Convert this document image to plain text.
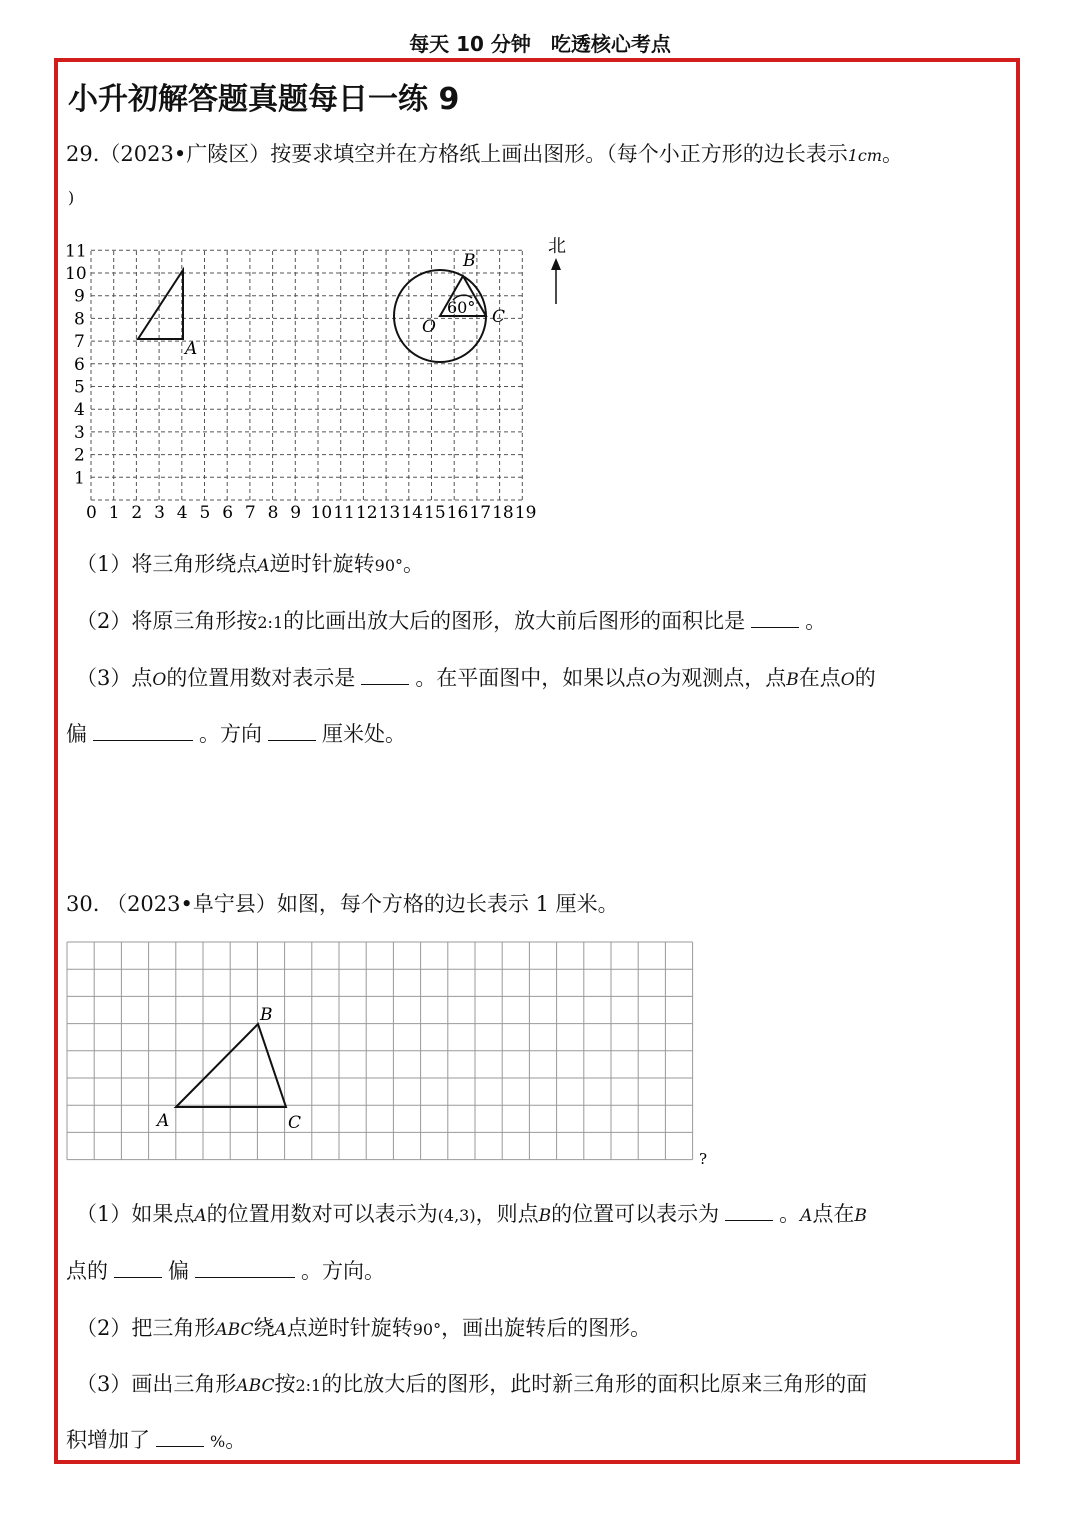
每天 10 分钟　吃透核心考点
小升初解答题真题每日一练 9
29.（2023•广陵区）按要求填空并在方格纸上画出图形。（每个小正方形的边长表示1cm。
)
0 1 2 3 4 5 6 7 8 9 10 11 12 13 14 15 16 17 18 19
1
2
3
4
5
6
7
8
9
10
11
A
60°
B
C
O
北
（1）将三角形绕点A逆时针旋转90°。
（2）将原三角形按2:1的比画出放大后的图形，放大前后图形的面积比是	。
（3）点O的位置用数对表示是	。在平面图中，如果以点O为观测点，点B在点O的
偏	。方向	厘米处。
30. （2023•阜宁县）如图，每个方格的边长表示 1 厘米。
A
B
C
?
（1）如果点A的位置用数对可以表示为(4,3)，则点B的位置可以表示为	。A点在B
点的	偏	。方向。
（2）把三角形ABC绕A点逆时针旋转90°，画出旋转后的图形。
（3）画出三角形ABC按2:1的比放大后的图形，此时新三角形的面积比原来三角形的面
积增加了	%。
